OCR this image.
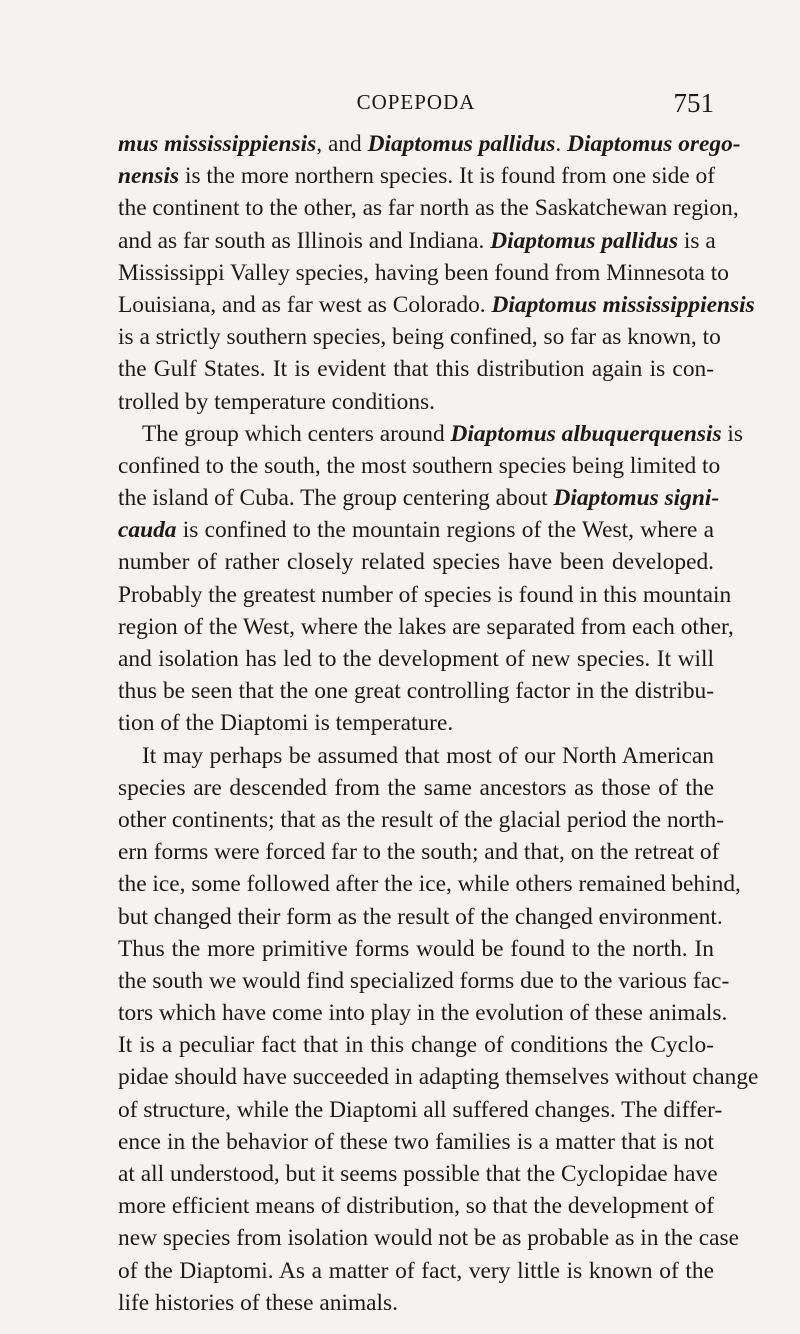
COPEPODA	751
mus mississippiensis, and Diaptomus pallidus. Diaptomus orego-
nensis is the more northern species. It is found from one side of
the continent to the other, as far north as the Saskatchewan region,
and as far south as Illinois and Indiana. Diaptomus pallidus is a
Mississippi Valley species, having been found from Minnesota to
Louisiana, and as far west as Colorado. Diaptomus mississippiensis
is a strictly southern species, being confined, so far as known, to
the Gulf States. It is evident that this distribution again is con-
trolled by temperature conditions.
The group which centers around Diaptomus albuquerquensis is
confined to the south, the most southern species being limited to
the island of Cuba. The group centering about Diaptomus signi-
cauda is confined to the mountain regions of the West, where a
number of rather closely related species have been developed.
Probably the greatest number of species is found in this mountain
region of the West, where the lakes are separated from each other,
and isolation has led to the development of new species. It will
thus be seen that the one great controlling factor in the distribu-
tion of the Diaptomi is temperature.
It may perhaps be assumed that most of our North American
species are descended from the same ancestors as those of the
other continents; that as the result of the glacial period the north-
ern forms were forced far to the south; and that, on the retreat of
the ice, some followed after the ice, while others remained behind,
but changed their form as the result of the changed environment.
Thus the more primitive forms would be found to the north. In
the south we would find specialized forms due to the various fac-
tors which have come into play in the evolution of these animals.
It is a peculiar fact that in this change of conditions the Cyclo-
pidae should have succeeded in adapting themselves without change
of structure, while the Diaptomi all suffered changes. The differ-
ence in the behavior of these two families is a matter that is not
at all understood, but it seems possible that the Cyclopidae have
more efficient means of distribution, so that the development of
new species from isolation would not be as probable as in the case
of the Diaptomi. As a matter of fact, very little is known of the
life histories of these animals.
